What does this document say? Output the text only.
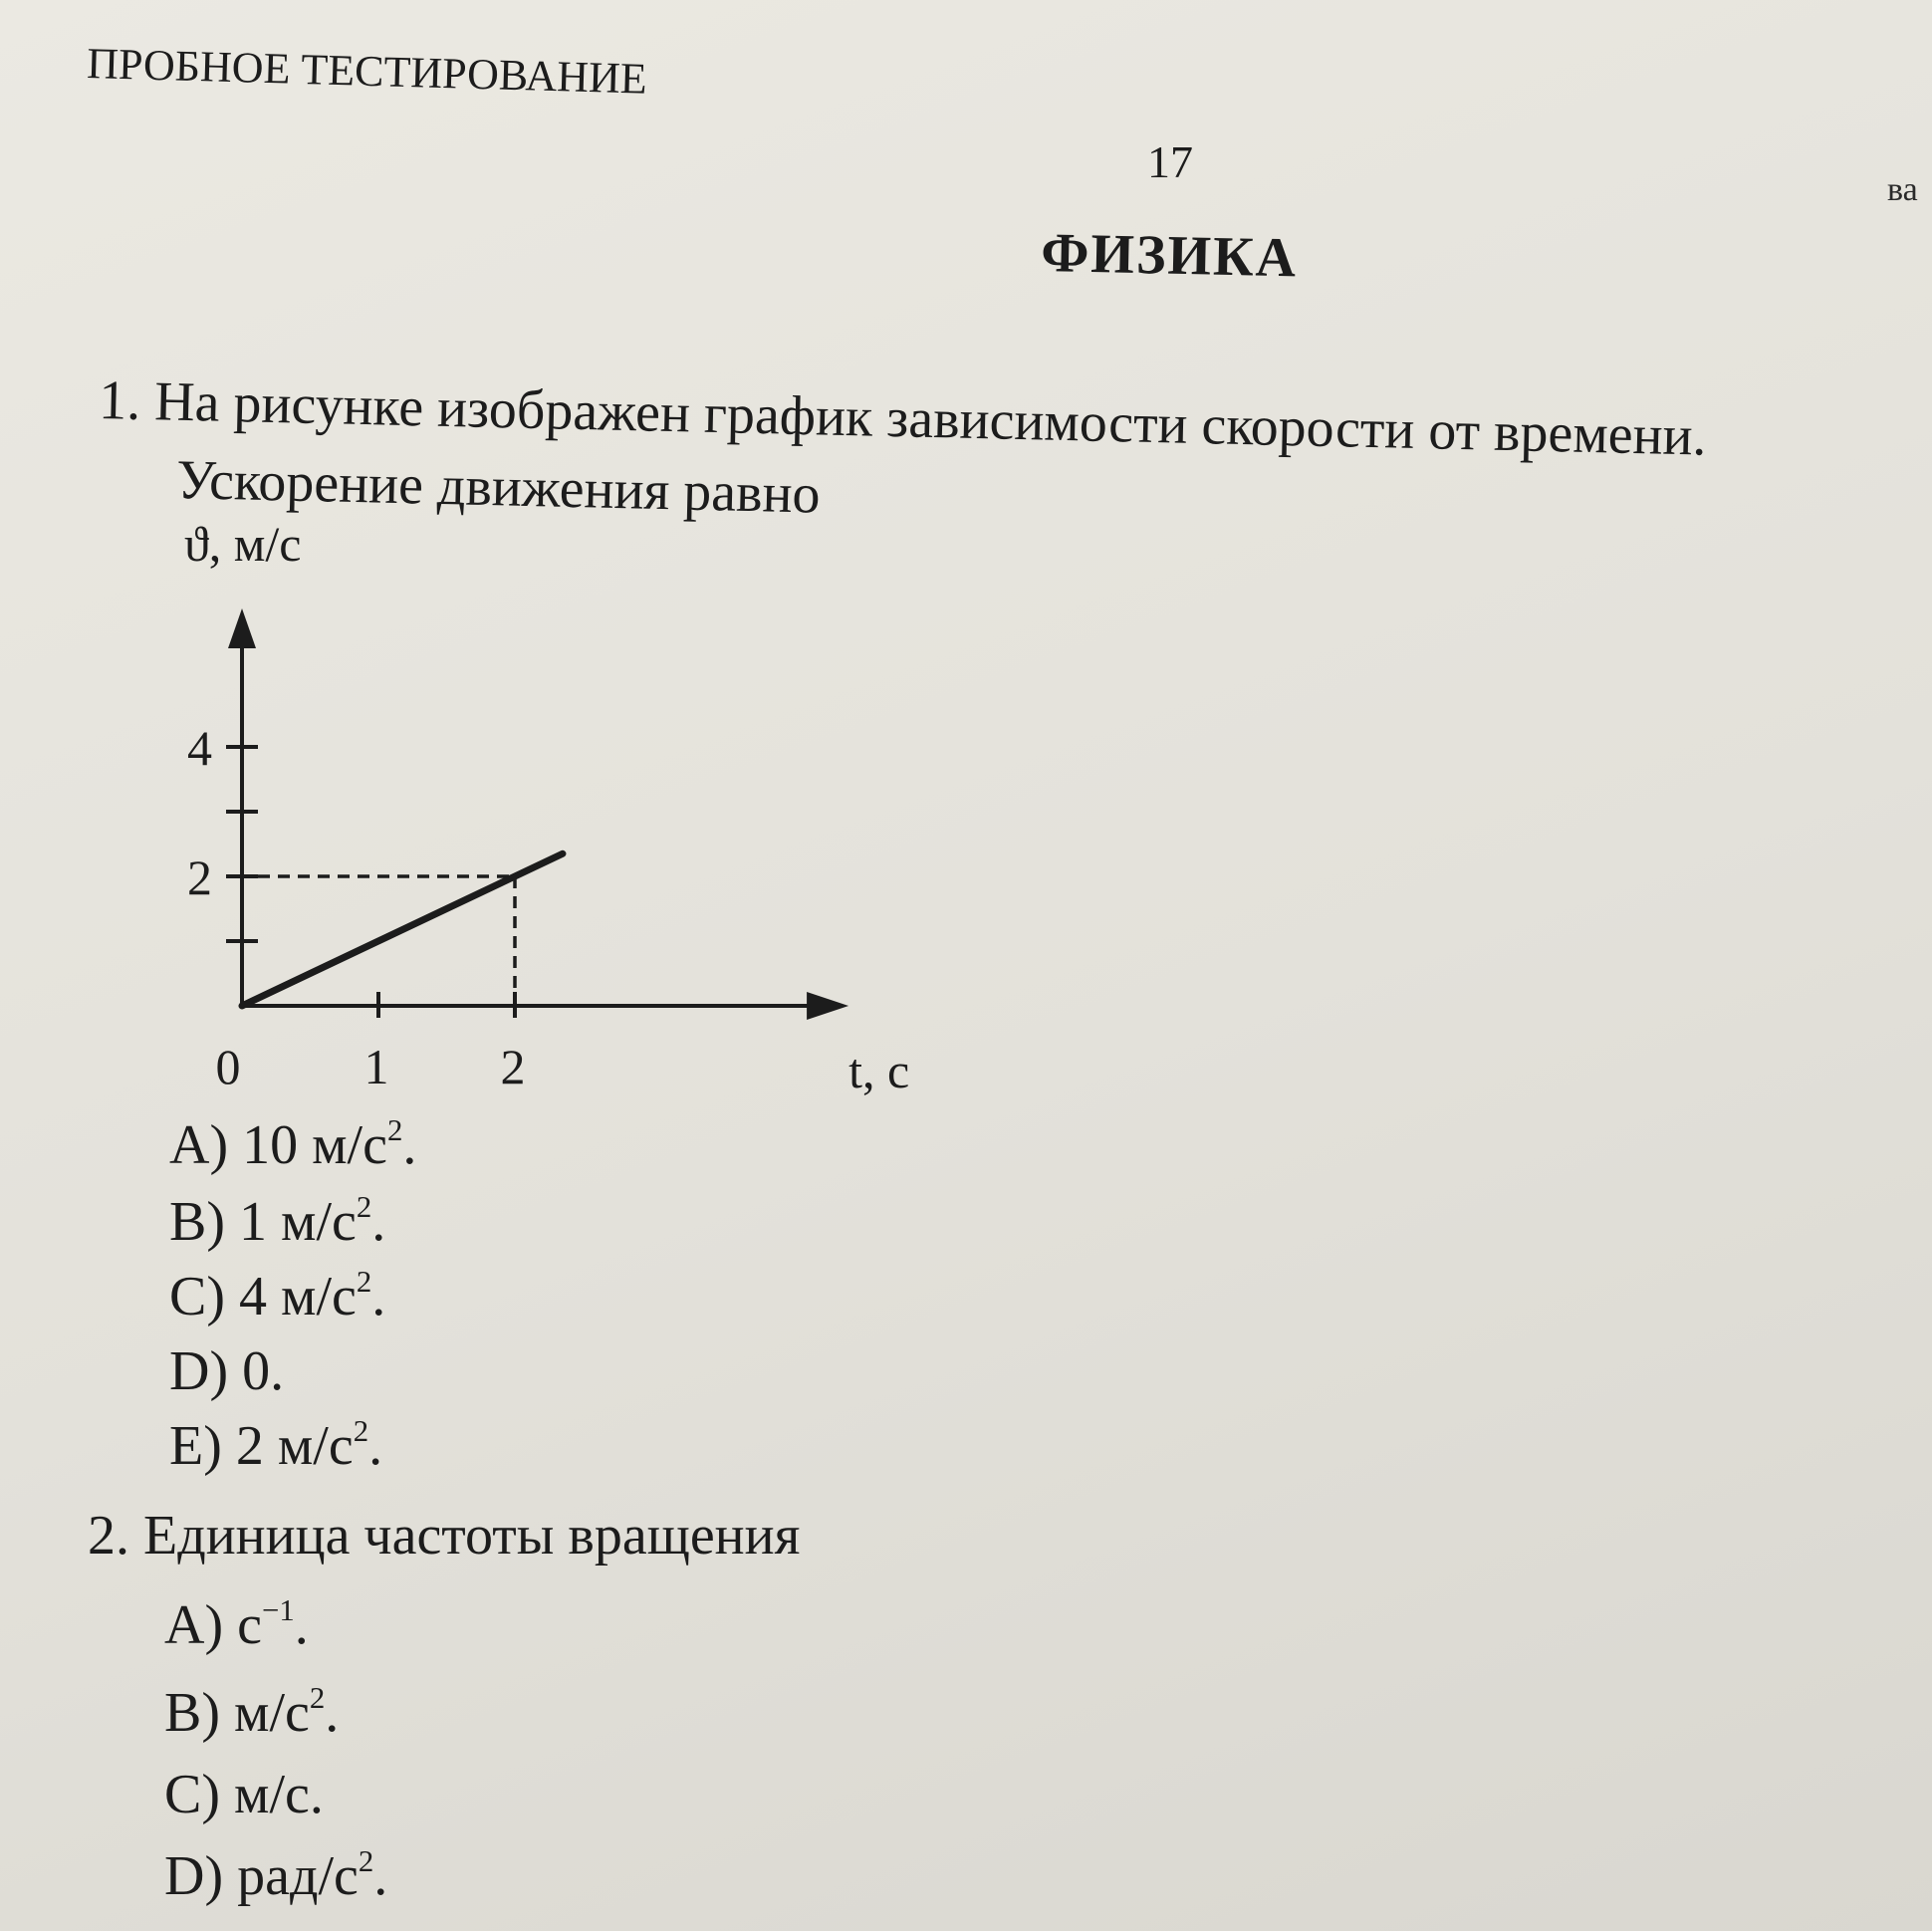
ПРОБНОЕ ТЕСТИРОВАНИЕ
17
ва
ФИЗИКА
1. На рисунке изображен график зависимости скорости от времени.
Ускорение движения равно
0 1 2
2
4
ϑ, м/с
t, с
A) 10 $м/с^2$.
B) 1 $м/с^2$.
C) 4 $м/с^2$.
D) 0.
E) 2 $м/с^2$.
2. Единица частоты вращения
A) $с^{-1}$.
B) $м/с^2$.
C) м/с.
D) рад/$с^2$.
